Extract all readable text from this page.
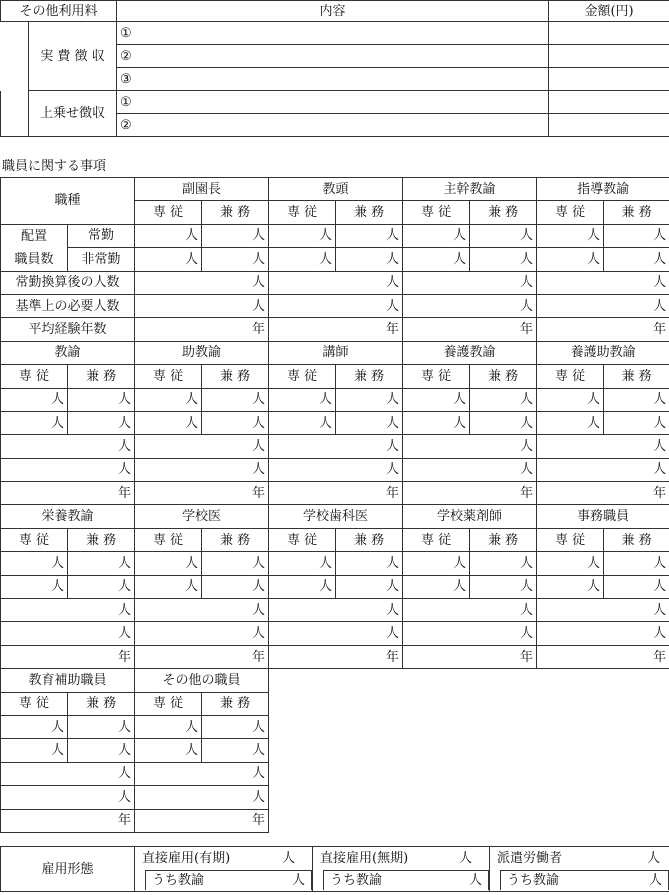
その他利用料		内容	金額(円)
	実 費 徴 収	①	
		②	
		③	
	上乗せ徴収	①	
		②	
職員に関する事項
職種		副園長		教頭		主幹教諭		指導教諭	
		専 従	兼 務	専 従	兼 務	専 従	兼 務	専 従	兼 務
配置	常勤	人	人	人	人	人	人	人	人
職員数	非常勤	人	人	人	人	人	人	人	人
常勤換算後の人数		人		人		人		人	
基準上の必要人数		人		人		人		人	
平均経験年数		年		年		年		年	
教諭		助教諭		講師		養護教諭		養護助教諭	
専 従	兼 務	専 従	兼 務	専 従	兼 務	専 従	兼 務	専 従	兼 務
人	人	人	人	人	人	人	人	人	人
人	人	人	人	人	人	人	人	人	人
人		人		人		人		人	
人		人		人		人		人	
年		年		年		年		年	
栄養教諭		学校医		学校歯科医		学校薬剤師		事務職員	
専 従	兼 務	専 従	兼 務	専 従	兼 務	専 従	兼 務	専 従	兼 務
人	人	人	人	人	人	人	人	人	人
人	人	人	人	人	人	人	人	人	人
人		人		人		人		人	
人		人		人		人		人	
年		年		年		年		年	
教育補助職員		その他の職員							
専 従	兼 務	専 従	兼 務						
人	人	人	人						
人	人	人	人						
人		人							
人		人							
年		年							
雇用形態	直接雇用(有期) 人	直接雇用(無期) 人	派遣労働者 人

	うち教諭 人	うち教諭 人	うち教諭 人
